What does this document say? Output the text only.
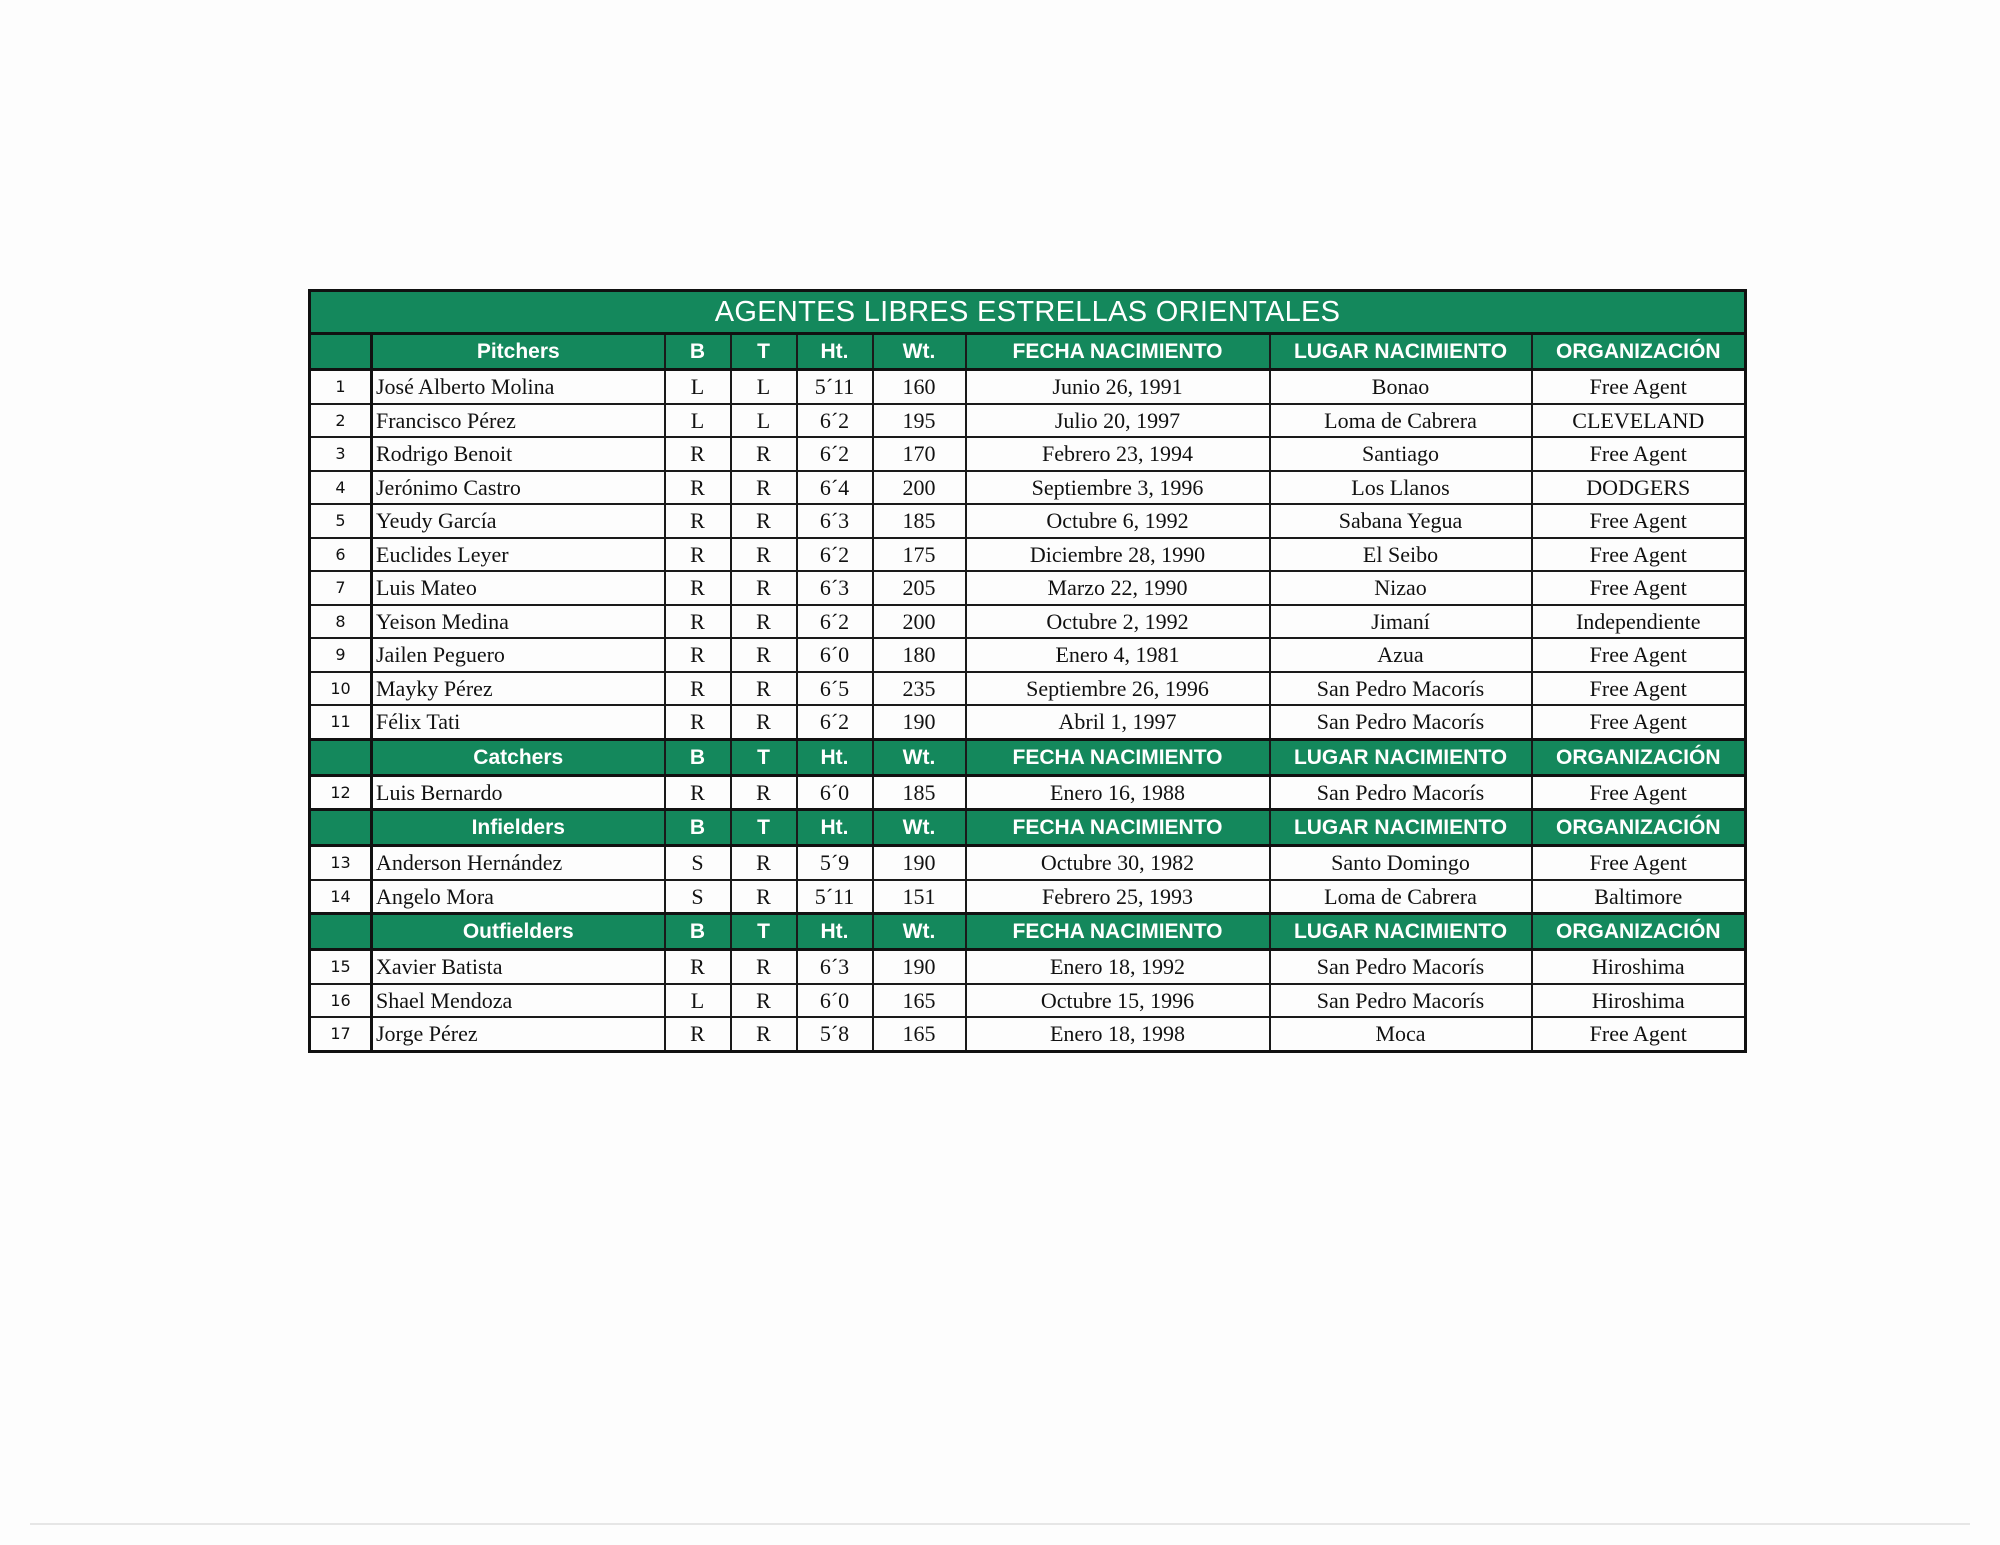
AGENTES LIBRES ESTRELLAS ORIENTALES								
	Pitchers	B	T	Ht.	Wt.	FECHA NACIMIENTO	LUGAR NACIMIENTO	ORGANIZACIÓN
1	José Alberto Molina	L	L	5´11	160	Junio 26, 1991	Bonao	Free Agent
2	Francisco Pérez	L	L	6´2	195	Julio 20, 1997	Loma de Cabrera	CLEVELAND
3	Rodrigo Benoit	R	R	6´2	170	Febrero 23, 1994	Santiago	Free Agent
4	Jerónimo Castro	R	R	6´4	200	Septiembre 3, 1996	Los Llanos	DODGERS
5	Yeudy García	R	R	6´3	185	Octubre 6, 1992	Sabana Yegua	Free Agent
6	Euclides Leyer	R	R	6´2	175	Diciembre 28, 1990	El Seibo	Free Agent
7	Luis Mateo	R	R	6´3	205	Marzo 22, 1990	Nizao	Free Agent
8	Yeison Medina	R	R	6´2	200	Octubre 2, 1992	Jimaní	Independiente
9	Jailen Peguero	R	R	6´0	180	Enero 4, 1981	Azua	Free Agent
10	Mayky Pérez	R	R	6´5	235	Septiembre 26, 1996	San Pedro Macorís	Free Agent
11	Félix Tati	R	R	6´2	190	Abril 1, 1997	San Pedro Macorís	Free Agent
	Catchers	B	T	Ht.	Wt.	FECHA NACIMIENTO	LUGAR NACIMIENTO	ORGANIZACIÓN
12	Luis Bernardo	R	R	6´0	185	Enero 16, 1988	San Pedro Macorís	Free Agent
	Infielders	B	T	Ht.	Wt.	FECHA NACIMIENTO	LUGAR NACIMIENTO	ORGANIZACIÓN
13	Anderson Hernández	S	R	5´9	190	Octubre 30, 1982	Santo Domingo	Free Agent
14	Angelo Mora	S	R	5´11	151	Febrero 25, 1993	Loma de Cabrera	Baltimore
	Outfielders	B	T	Ht.	Wt.	FECHA NACIMIENTO	LUGAR NACIMIENTO	ORGANIZACIÓN
15	Xavier Batista	R	R	6´3	190	Enero 18, 1992	San Pedro Macorís	Hiroshima
16	Shael Mendoza	L	R	6´0	165	Octubre 15, 1996	San Pedro Macorís	Hiroshima
17	Jorge Pérez	R	R	5´8	165	Enero 18, 1998	Moca	Free Agent
